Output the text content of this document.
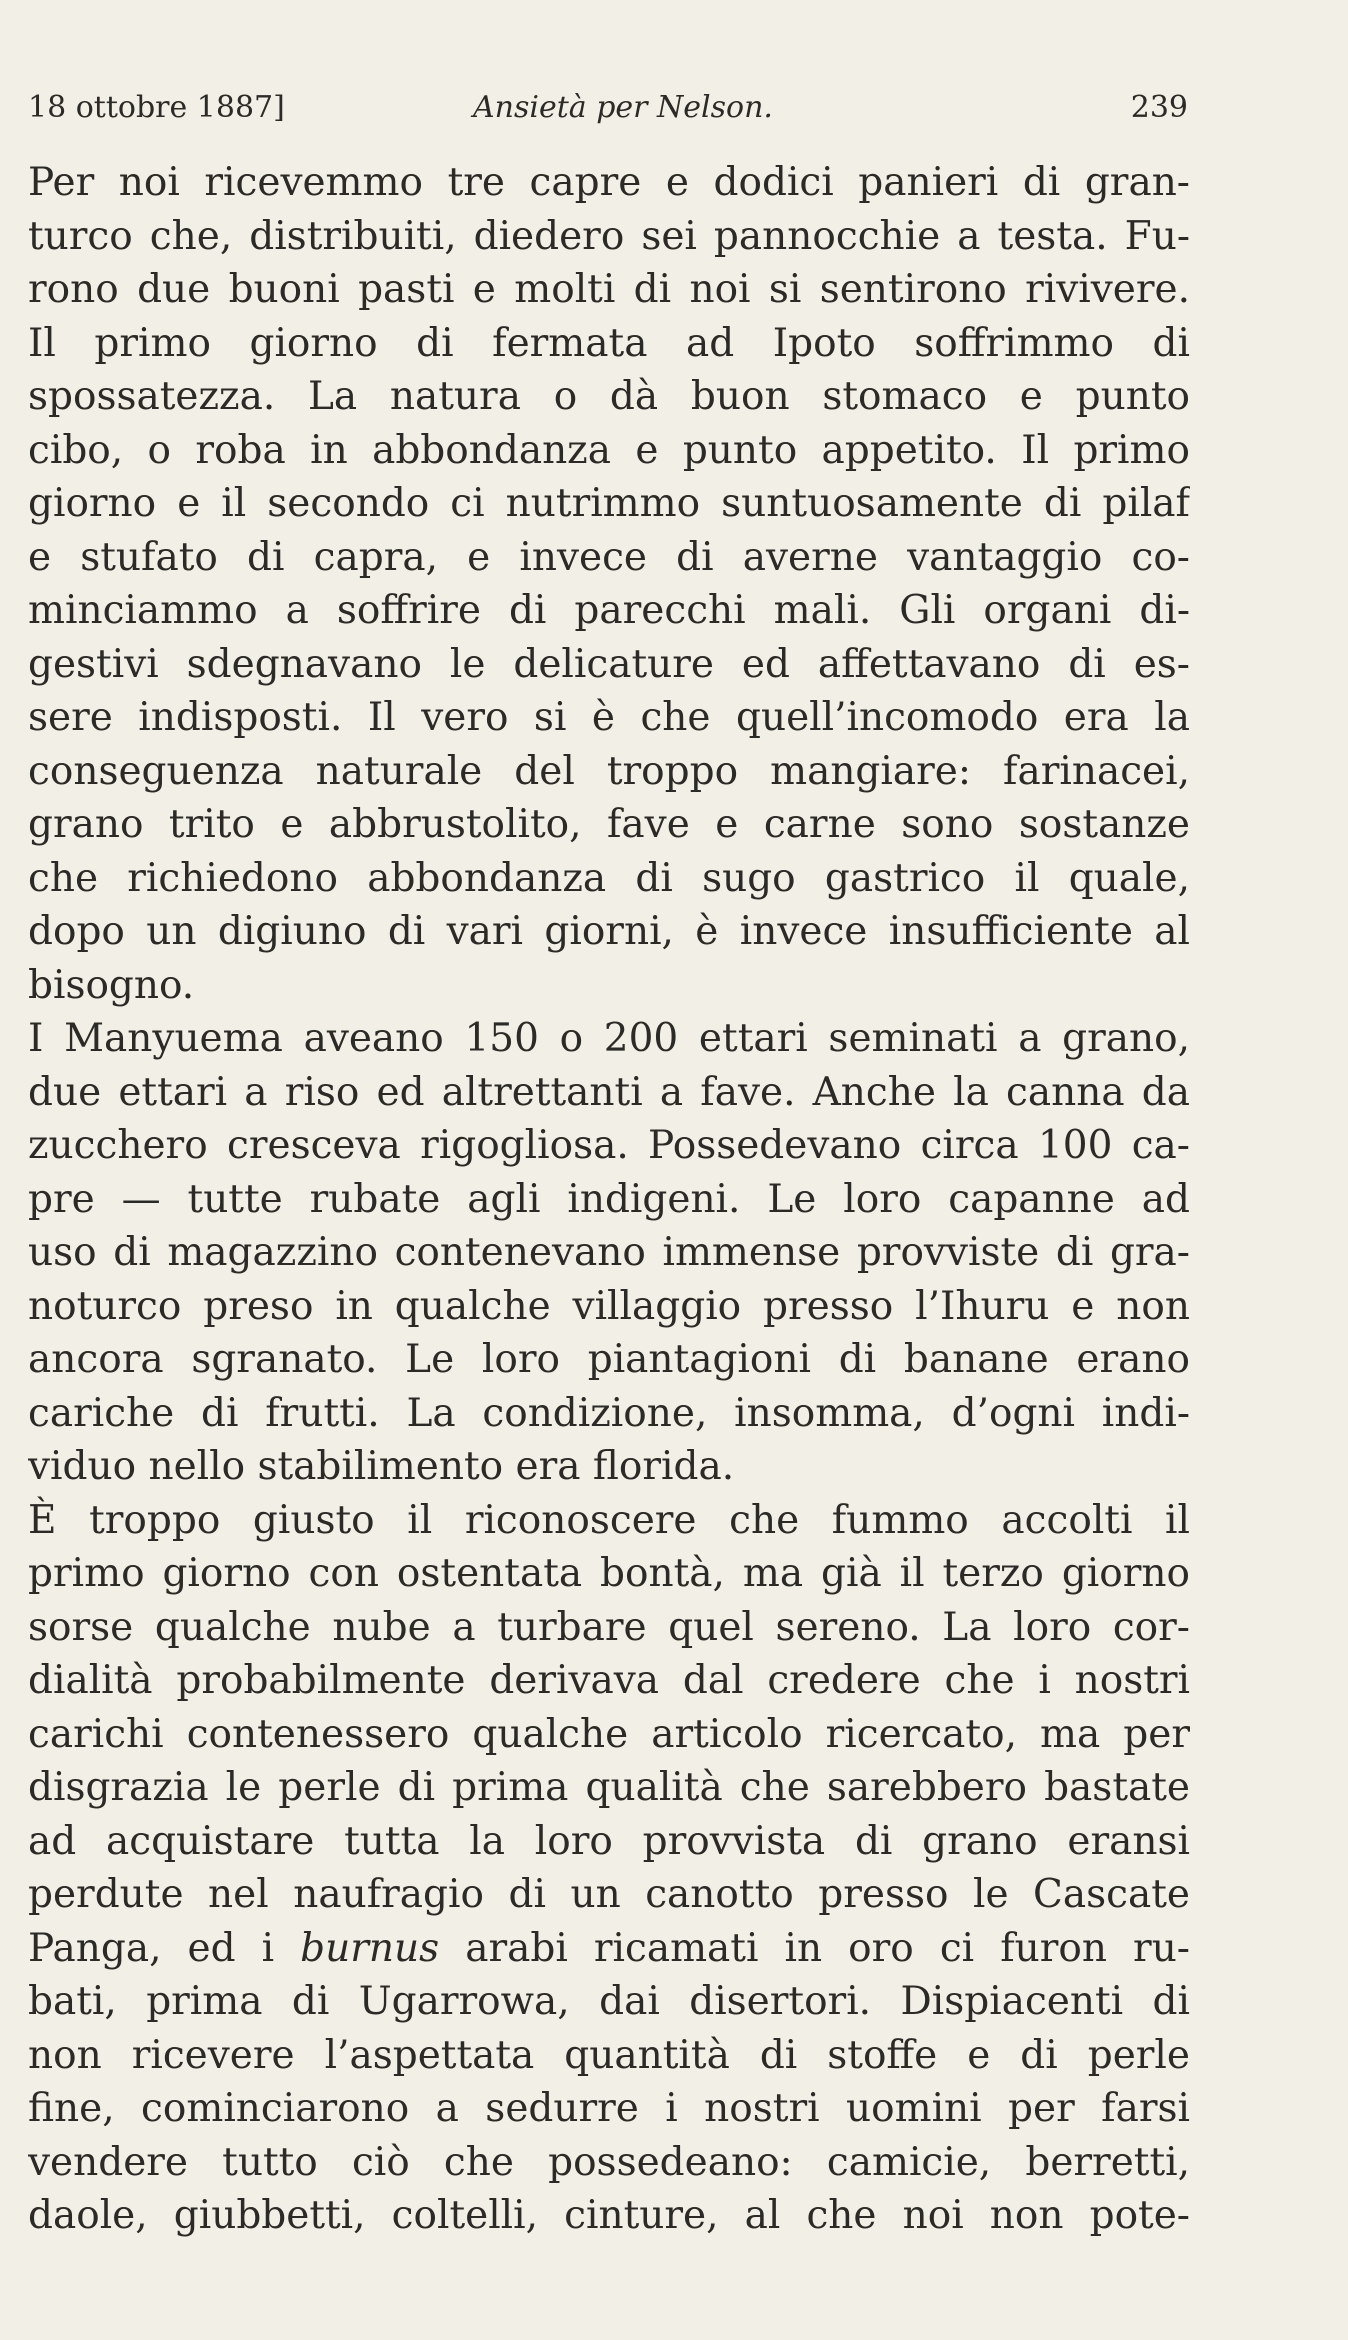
18 ottobre 1887]	Ansietà per Nelson.	239
Per noi ricevemmo tre capre e dodici panieri di gran-
turco che, distribuiti, diedero sei pannocchie a testa. Fu-
rono due buoni pasti e molti di noi si sentirono rivivere.
Il primo giorno di fermata ad Ipoto soffrimmo di
spossatezza. La natura o dà buon stomaco e punto
cibo, o roba in abbondanza e punto appetito. Il primo
giorno e il secondo ci nutrimmo suntuosamente di pilaf
e stufato di capra, e invece di averne vantaggio co-
minciammo a soffrire di parecchi mali. Gli organi di-
gestivi sdegnavano le delicature ed affettavano di es-
sere indisposti. Il vero si è che quell’incomodo era la
conseguenza naturale del troppo mangiare: farinacei,
grano trito e abbrustolito, fave e carne sono sostanze
che richiedono abbondanza di sugo gastrico il quale,
dopo un digiuno di vari giorni, è invece insufficiente al
bisogno.
I Manyuema aveano 150 o 200 ettari seminati a grano,
due ettari a riso ed altrettanti a fave. Anche la canna da
zucchero cresceva rigogliosa. Possedevano circa 100 ca-
pre — tutte rubate agli indigeni. Le loro capanne ad
uso di magazzino contenevano immense provviste di gra-
noturco preso in qualche villaggio presso l’Ihuru e non
ancora sgranato. Le loro piantagioni di banane erano
cariche di frutti. La condizione, insomma, d’ogni indi-
viduo nello stabilimento era florida.
È troppo giusto il riconoscere che fummo accolti il
primo giorno con ostentata bontà, ma già il terzo giorno
sorse qualche nube a turbare quel sereno. La loro cor-
dialità probabilmente derivava dal credere che i nostri
carichi contenessero qualche articolo ricercato, ma per
disgrazia le perle di prima qualità che sarebbero bastate
ad acquistare tutta la loro provvista di grano eransi
perdute nel naufragio di un canotto presso le Cascate
Panga, ed i burnus arabi ricamati in oro ci furon ru-
bati, prima di Ugarrowa, dai disertori. Dispiacenti di
non ricevere l’aspettata quantità di stoffe e di perle
fine, cominciarono a sedurre i nostri uomini per farsi
vendere tutto ciò che possedeano: camicie, berretti,
daole, giubbetti, coltelli, cinture, al che noi non pote-
